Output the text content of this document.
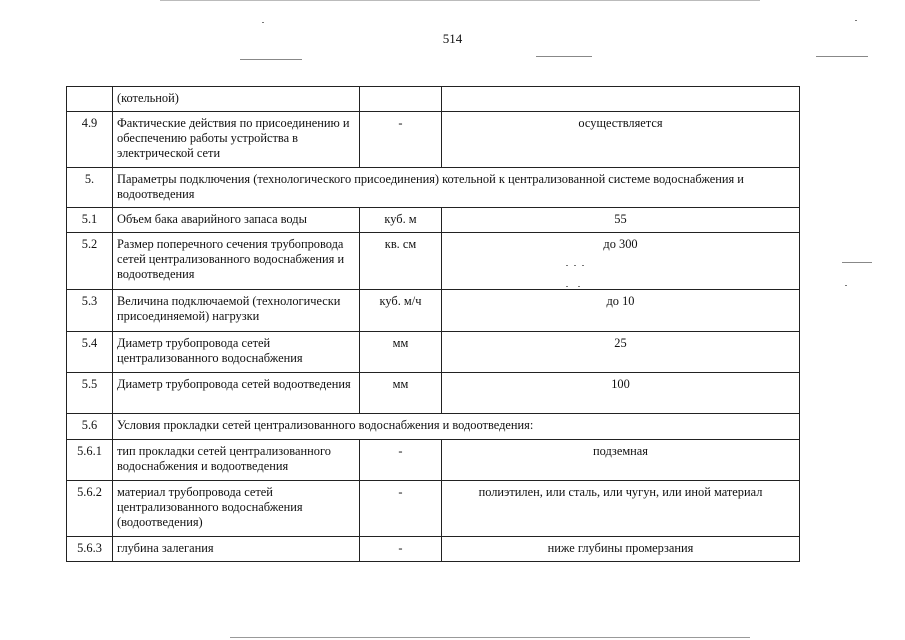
514
	(котельной)		
4.9	Фактические действия по присоединению и обеспечению работы устройства в электрической сети	-	осуществляется
5.	Параметры подключения (технологического присоединения) котельной к централизованной системе водоснабжения и водоотведения		
5.1	Объем бака аварийного запаса воды	куб. м	55
5.2	Размер поперечного сечения трубопровода сетей централизованного водоснабжения и водоотведения	кв. см	до 300
5.3	Величина подключаемой (технологически присоединяемой) нагрузки	куб. м/ч	до 10
5.4	Диаметр трубопровода сетей централизованного водоснабжения	мм	25
5.5	Диаметр трубопровода сетей водоотведения	мм	100
5.6	Условия прокладки сетей централизованного водоснабжения и водоотведения:		
5.6.1	тип прокладки сетей централизованного водоснабжения и водоотведения	-	подземная
5.6.2	материал трубопровода сетей централизованного водоснабжения (водоотведения)	-	полиэтилен, или сталь, или чугун, или иной материал
5.6.3	глубина залегания	-	ниже глубины промерзания
